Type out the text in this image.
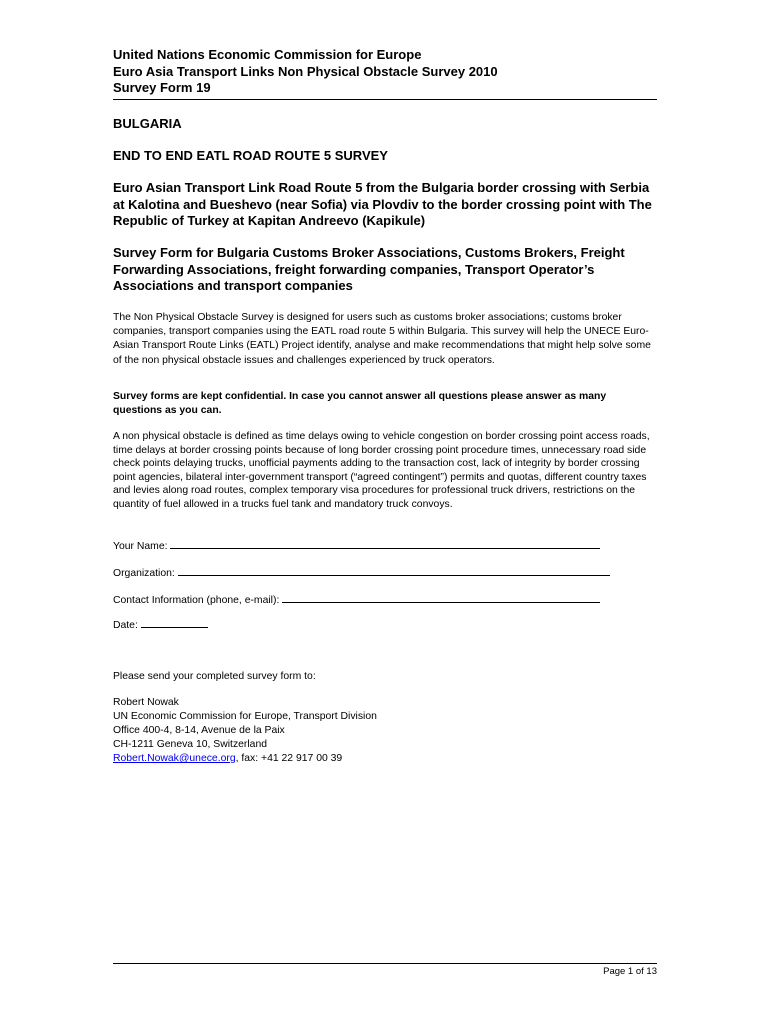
United Nations Economic Commission for Europe
Euro Asia Transport Links Non Physical Obstacle Survey 2010
Survey Form 19
BULGARIA
END TO END EATL ROAD ROUTE 5 SURVEY
Euro Asian Transport Link Road Route 5 from the Bulgaria border crossing with Serbia at Kalotina and Bueshevo (near Sofia) via Plovdiv to the border crossing point with The Republic of Turkey at Kapitan Andreevo (Kapikule)
Survey Form for Bulgaria Customs Broker Associations, Customs Brokers, Freight Forwarding Associations, freight forwarding companies, Transport Operator’s Associations and transport companies
The Non Physical Obstacle Survey is designed for users such as customs broker associations; customs broker companies, transport companies using the EATL road route 5 within Bulgaria. This survey will help the UNECE Euro-Asian Transport Route Links (EATL) Project identify, analyse and make recommendations that might help solve some of the non physical obstacle issues and challenges experienced by truck operators.
Survey forms are kept confidential. In case you cannot answer all questions please answer as many questions as you can.
A non physical obstacle is defined as time delays owing to vehicle congestion on border crossing point access roads, time delays at border crossing points because of long border crossing point procedure times, unnecessary road side check points delaying trucks, unofficial payments adding to the transaction cost, lack of integrity by border crossing point agencies, bilateral inter-government transport (“agreed contingent”) permits and quotas, different country taxes and levies along road routes, complex temporary visa procedures for professional truck drivers, restrictions on the quantity of fuel allowed in a trucks fuel tank and mandatory truck convoys.
Your Name:
Organization:
Contact Information (phone, e-mail):
Date:
Please send your completed survey form to:
Robert Nowak
UN Economic Commission for Europe, Transport Division
Office 400-4, 8-14, Avenue de la Paix
CH-1211 Geneva 10, Switzerland
Robert.Nowak@unece.org, fax: +41 22 917 00 39
Page 1 of 13
